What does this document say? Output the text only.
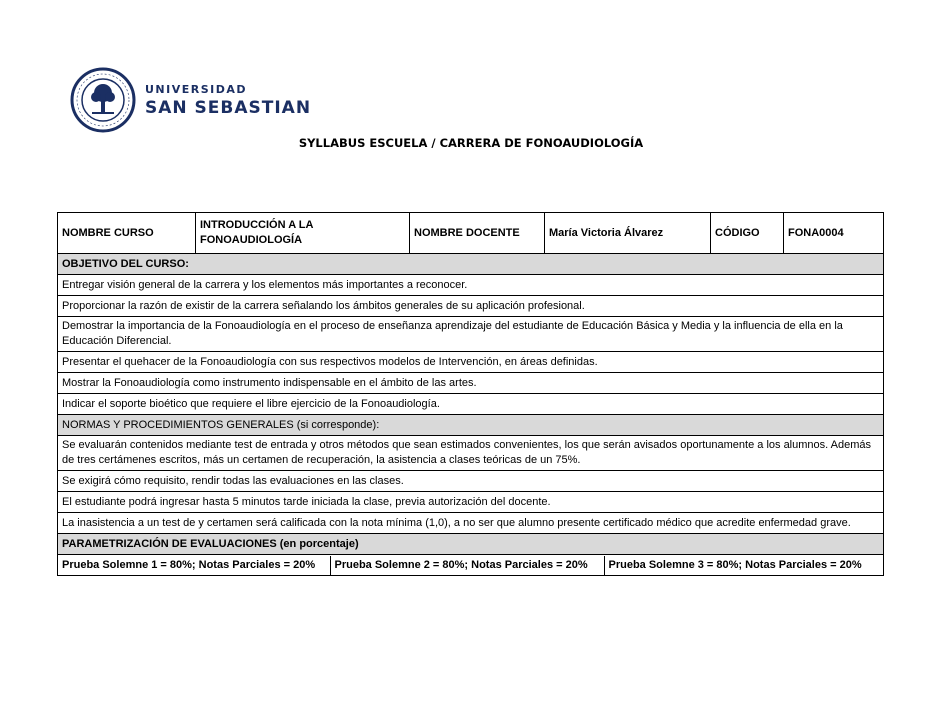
UNIVERSIDAD
SAN SEBASTIAN
SYLLABUS ESCUELA / CARRERA DE FONOAUDIOLOGÍA
NOMBRE CURSO	INTRODUCCIÓN A LA FONOAUDIOLOGÍA	NOMBRE DOCENTE	María Victoria Álvarez	CÓDIGO	FONA0004
OBJETIVO DEL CURSO:
Entregar visión general de la carrera y los elementos más importantes a reconocer.
Proporcionar la razón de existir de la carrera señalando los ámbitos generales de su aplicación profesional.
Demostrar la importancia de la Fonoaudiología en el proceso de enseñanza aprendizaje del estudiante de Educación Básica y Media y la influencia de ella en la Educación Diferencial.
Presentar el quehacer de la Fonoaudiología con sus respectivos modelos de Intervención, en áreas definidas.
Mostrar la Fonoaudiología como instrumento indispensable en el ámbito de las artes.
Indicar el soporte bioético que requiere el libre ejercicio de la Fonoaudiología.
NORMAS Y PROCEDIMIENTOS GENERALES (si corresponde):
Se evaluarán contenidos mediante test de entrada y otros métodos que sean estimados convenientes, los que serán avisados oportunamente a los alumnos. Además de tres certámenes escritos, más un certamen de recuperación, la asistencia a clases teóricas de un 75%.
Se exigirá cómo requisito, rendir todas las evaluaciones en las clases.
El estudiante podrá ingresar hasta 5 minutos tarde iniciada la clase, previa autorización del docente.
La inasistencia a un test de y certamen será calificada con la nota mínima (1,0), a no ser que alumno presente certificado médico que acredite enfermedad grave.
PARAMETRIZACIÓN DE EVALUACIONES (en porcentaje)

Prueba Solemne 1 = 80%; Notas Parciales = 20%	Prueba Solemne 2 = 80%; Notas Parciales = 20%	Prueba Solemne 3 = 80%; Notas Parciales = 20%
